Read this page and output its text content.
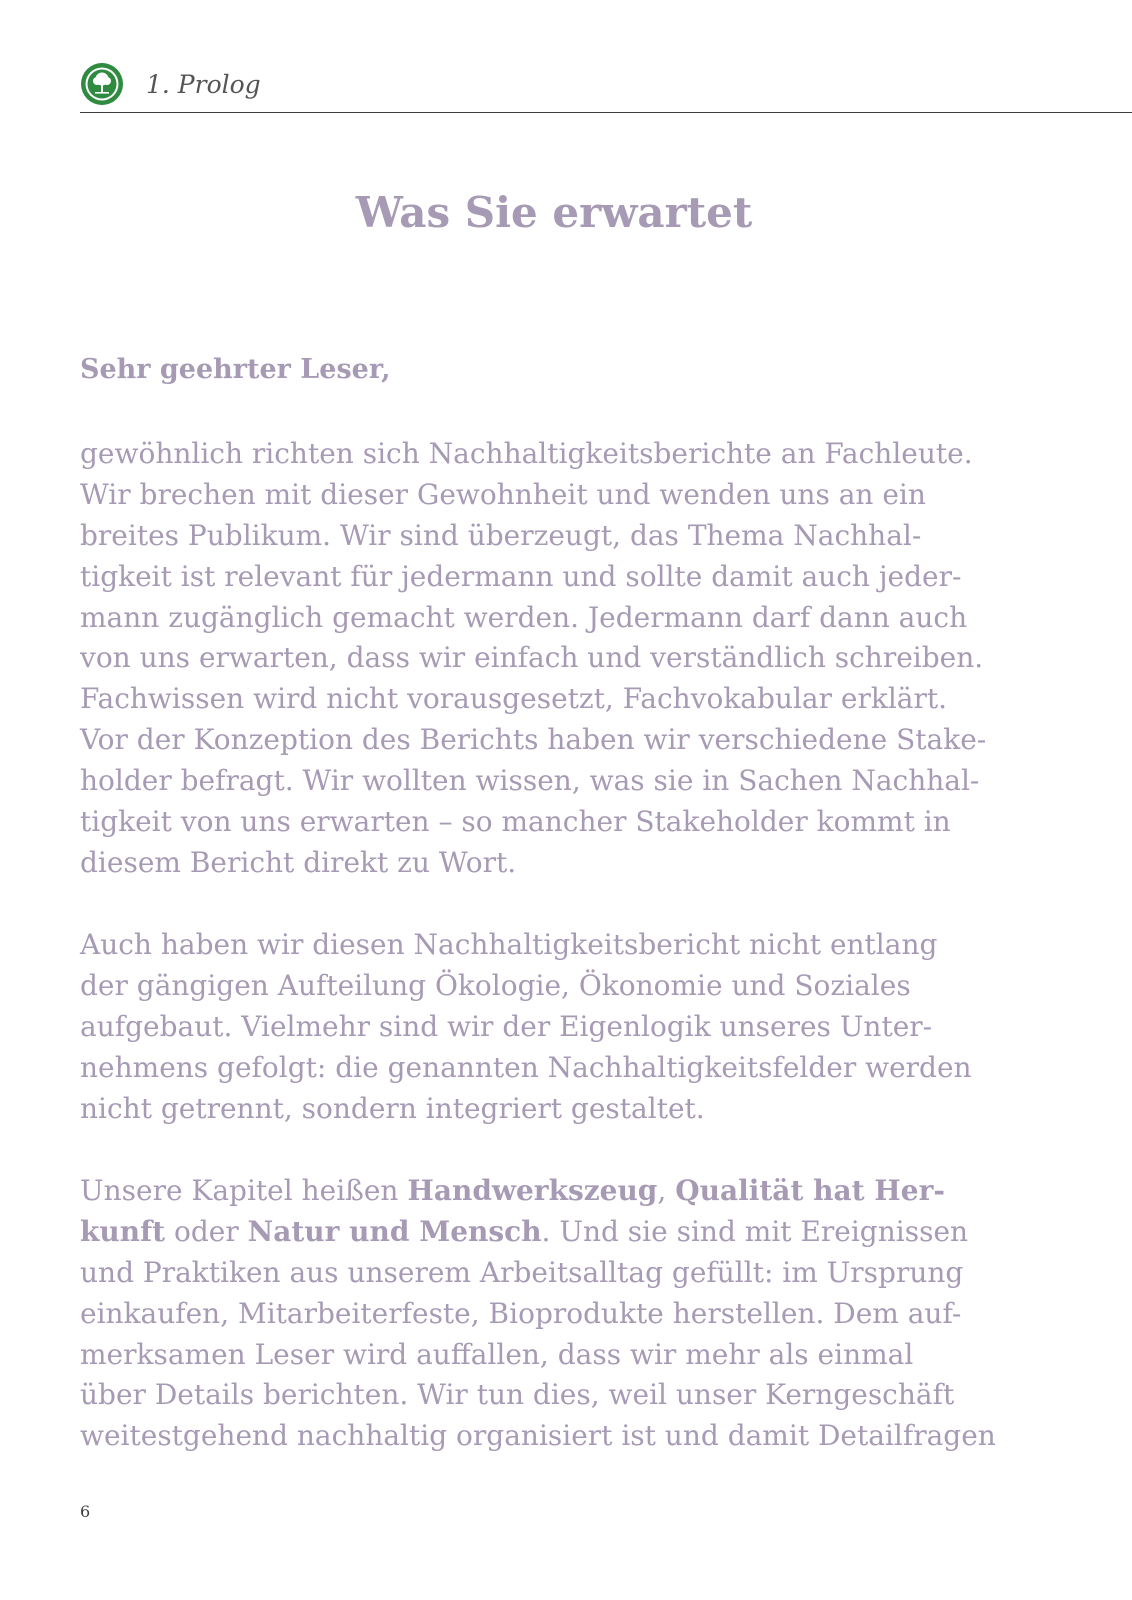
1. Prolog
Was Sie erwartet
Sehr geehrter Leser,
gewöhnlich richten sich Nachhaltigkeitsberichte an Fachleute.
Wir brechen mit dieser Gewohnheit und wenden uns an ein
breites Publikum. Wir sind überzeugt, das Thema Nachhal-
tigkeit ist relevant für jedermann und sollte damit auch jeder-
mann zugänglich gemacht werden. Jedermann darf dann auch
von uns erwarten, dass wir einfach und verständlich schreiben.
Fachwissen wird nicht vorausgesetzt, Fachvokabular erklärt.
Vor der Konzeption des Berichts haben wir verschiedene Stake-
holder befragt. Wir wollten wissen, was sie in Sachen Nachhal-
tigkeit von uns erwarten – so mancher Stakeholder kommt in
diesem Bericht direkt zu Wort.
Auch haben wir diesen Nachhaltigkeitsbericht nicht entlang
der gängigen Aufteilung Ökologie, Ökonomie und Soziales
aufgebaut. Vielmehr sind wir der Eigenlogik unseres Unter-
nehmens gefolgt: die genannten Nachhaltigkeitsfelder werden
nicht getrennt, sondern integriert gestaltet.
Unsere Kapitel heißen Handwerkszeug, Qualität hat Her-
kunft oder Natur und Mensch. Und sie sind mit Ereignissen
und Praktiken aus unserem Arbeitsalltag gefüllt: im Ursprung
einkaufen, Mitarbeiterfeste, Bioprodukte herstellen. Dem auf-
merksamen Leser wird auffallen, dass wir mehr als einmal
über Details berichten. Wir tun dies, weil unser Kerngeschäft
weitestgehend nachhaltig organisiert ist und damit Detailfragen
6
